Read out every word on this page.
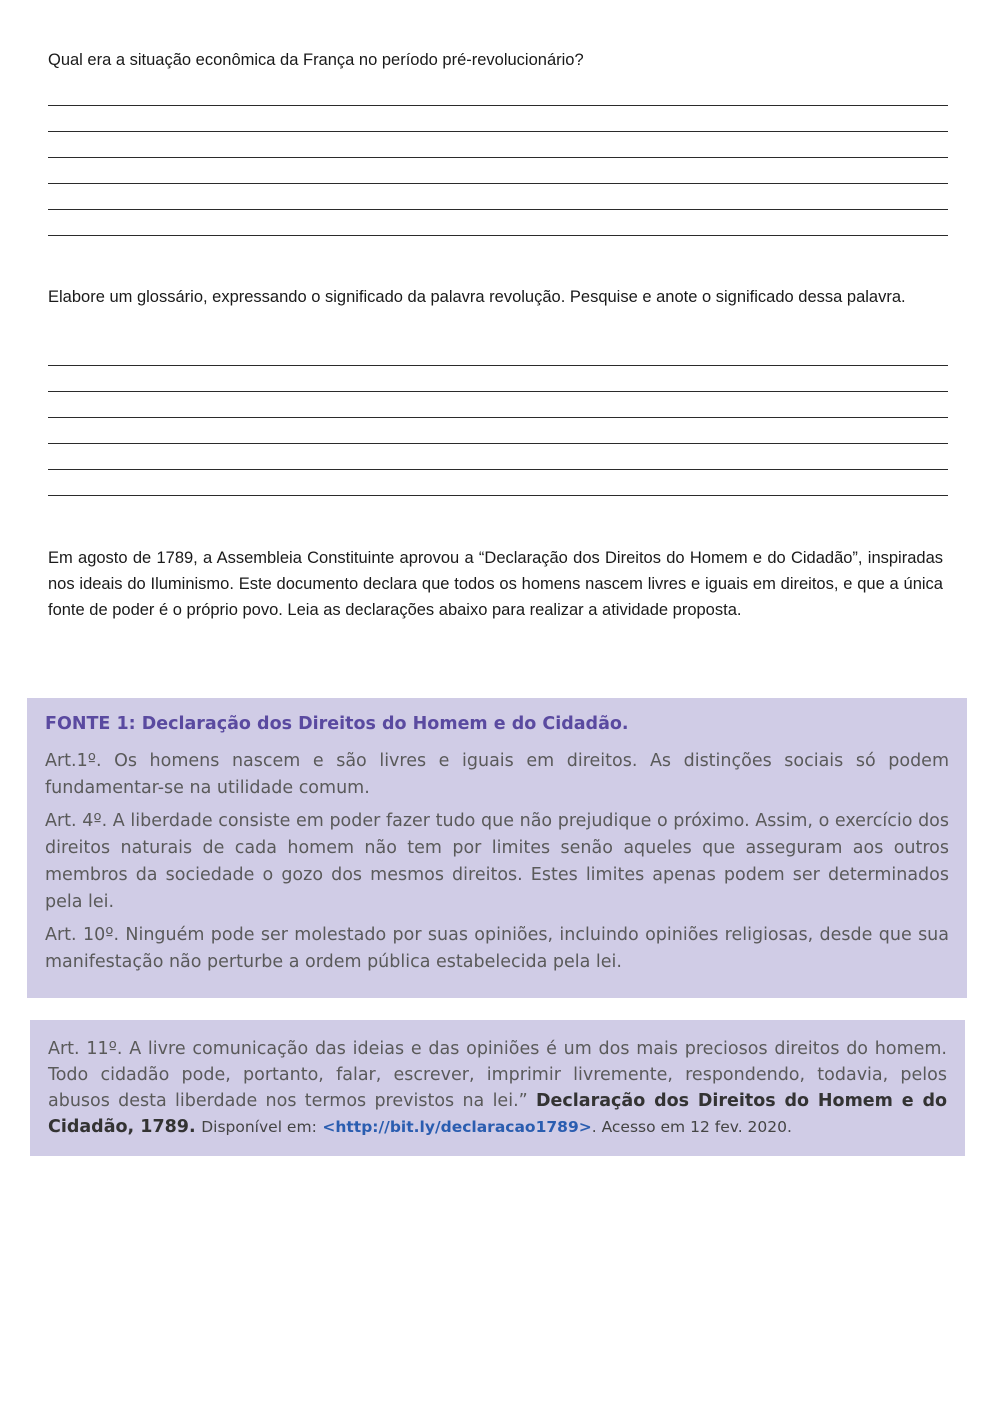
Qual era a situação econômica da França no período pré-revolucionário?

Elabore um glossário, expressando o significado da palavra revolução. Pesquise e anote o significado dessa palavra.

Em agosto de 1789, a Assembleia Constituinte aprovou a “Declaração dos Direitos do Homem e do Cidadão”, inspiradas nos ideais do Iluminismo. Este documento declara que todos os homens nascem livres e iguais em direitos, e que a única fonte de poder é o próprio povo. Leia as declarações abaixo para realizar a atividade proposta.

FONTE 1: Declaração dos Direitos do Homem e do Cidadão.

Art.1º. Os homens nascem e são livres e iguais em direitos. As distinções sociais só podem fundamentar-se na utilidade comum.

Art. 4º. A liberdade consiste em poder fazer tudo que não prejudique o próximo. Assim, o exercício dos direitos naturais de cada homem não tem por limites senão aqueles que asseguram aos outros membros da sociedade o gozo dos mesmos direitos. Estes limites apenas podem ser determinados pela lei.

Art. 10º. Ninguém pode ser molestado por suas opiniões, incluindo opiniões religiosas, desde que sua manifestação não perturbe a ordem pública estabelecida pela lei.

Art. 11º. A livre comunicação das ideias e das opiniões é um dos mais preciosos direitos do homem. Todo cidadão pode, portanto, falar, escrever, imprimir livremente, respondendo, todavia, pelos abusos desta liberdade nos termos previstos na lei.” Declaração dos Direitos do Homem e do Cidadão, 1789. Disponível em: <http://bit.ly/declaracao1789>. Acesso em 12 fev. 2020.
